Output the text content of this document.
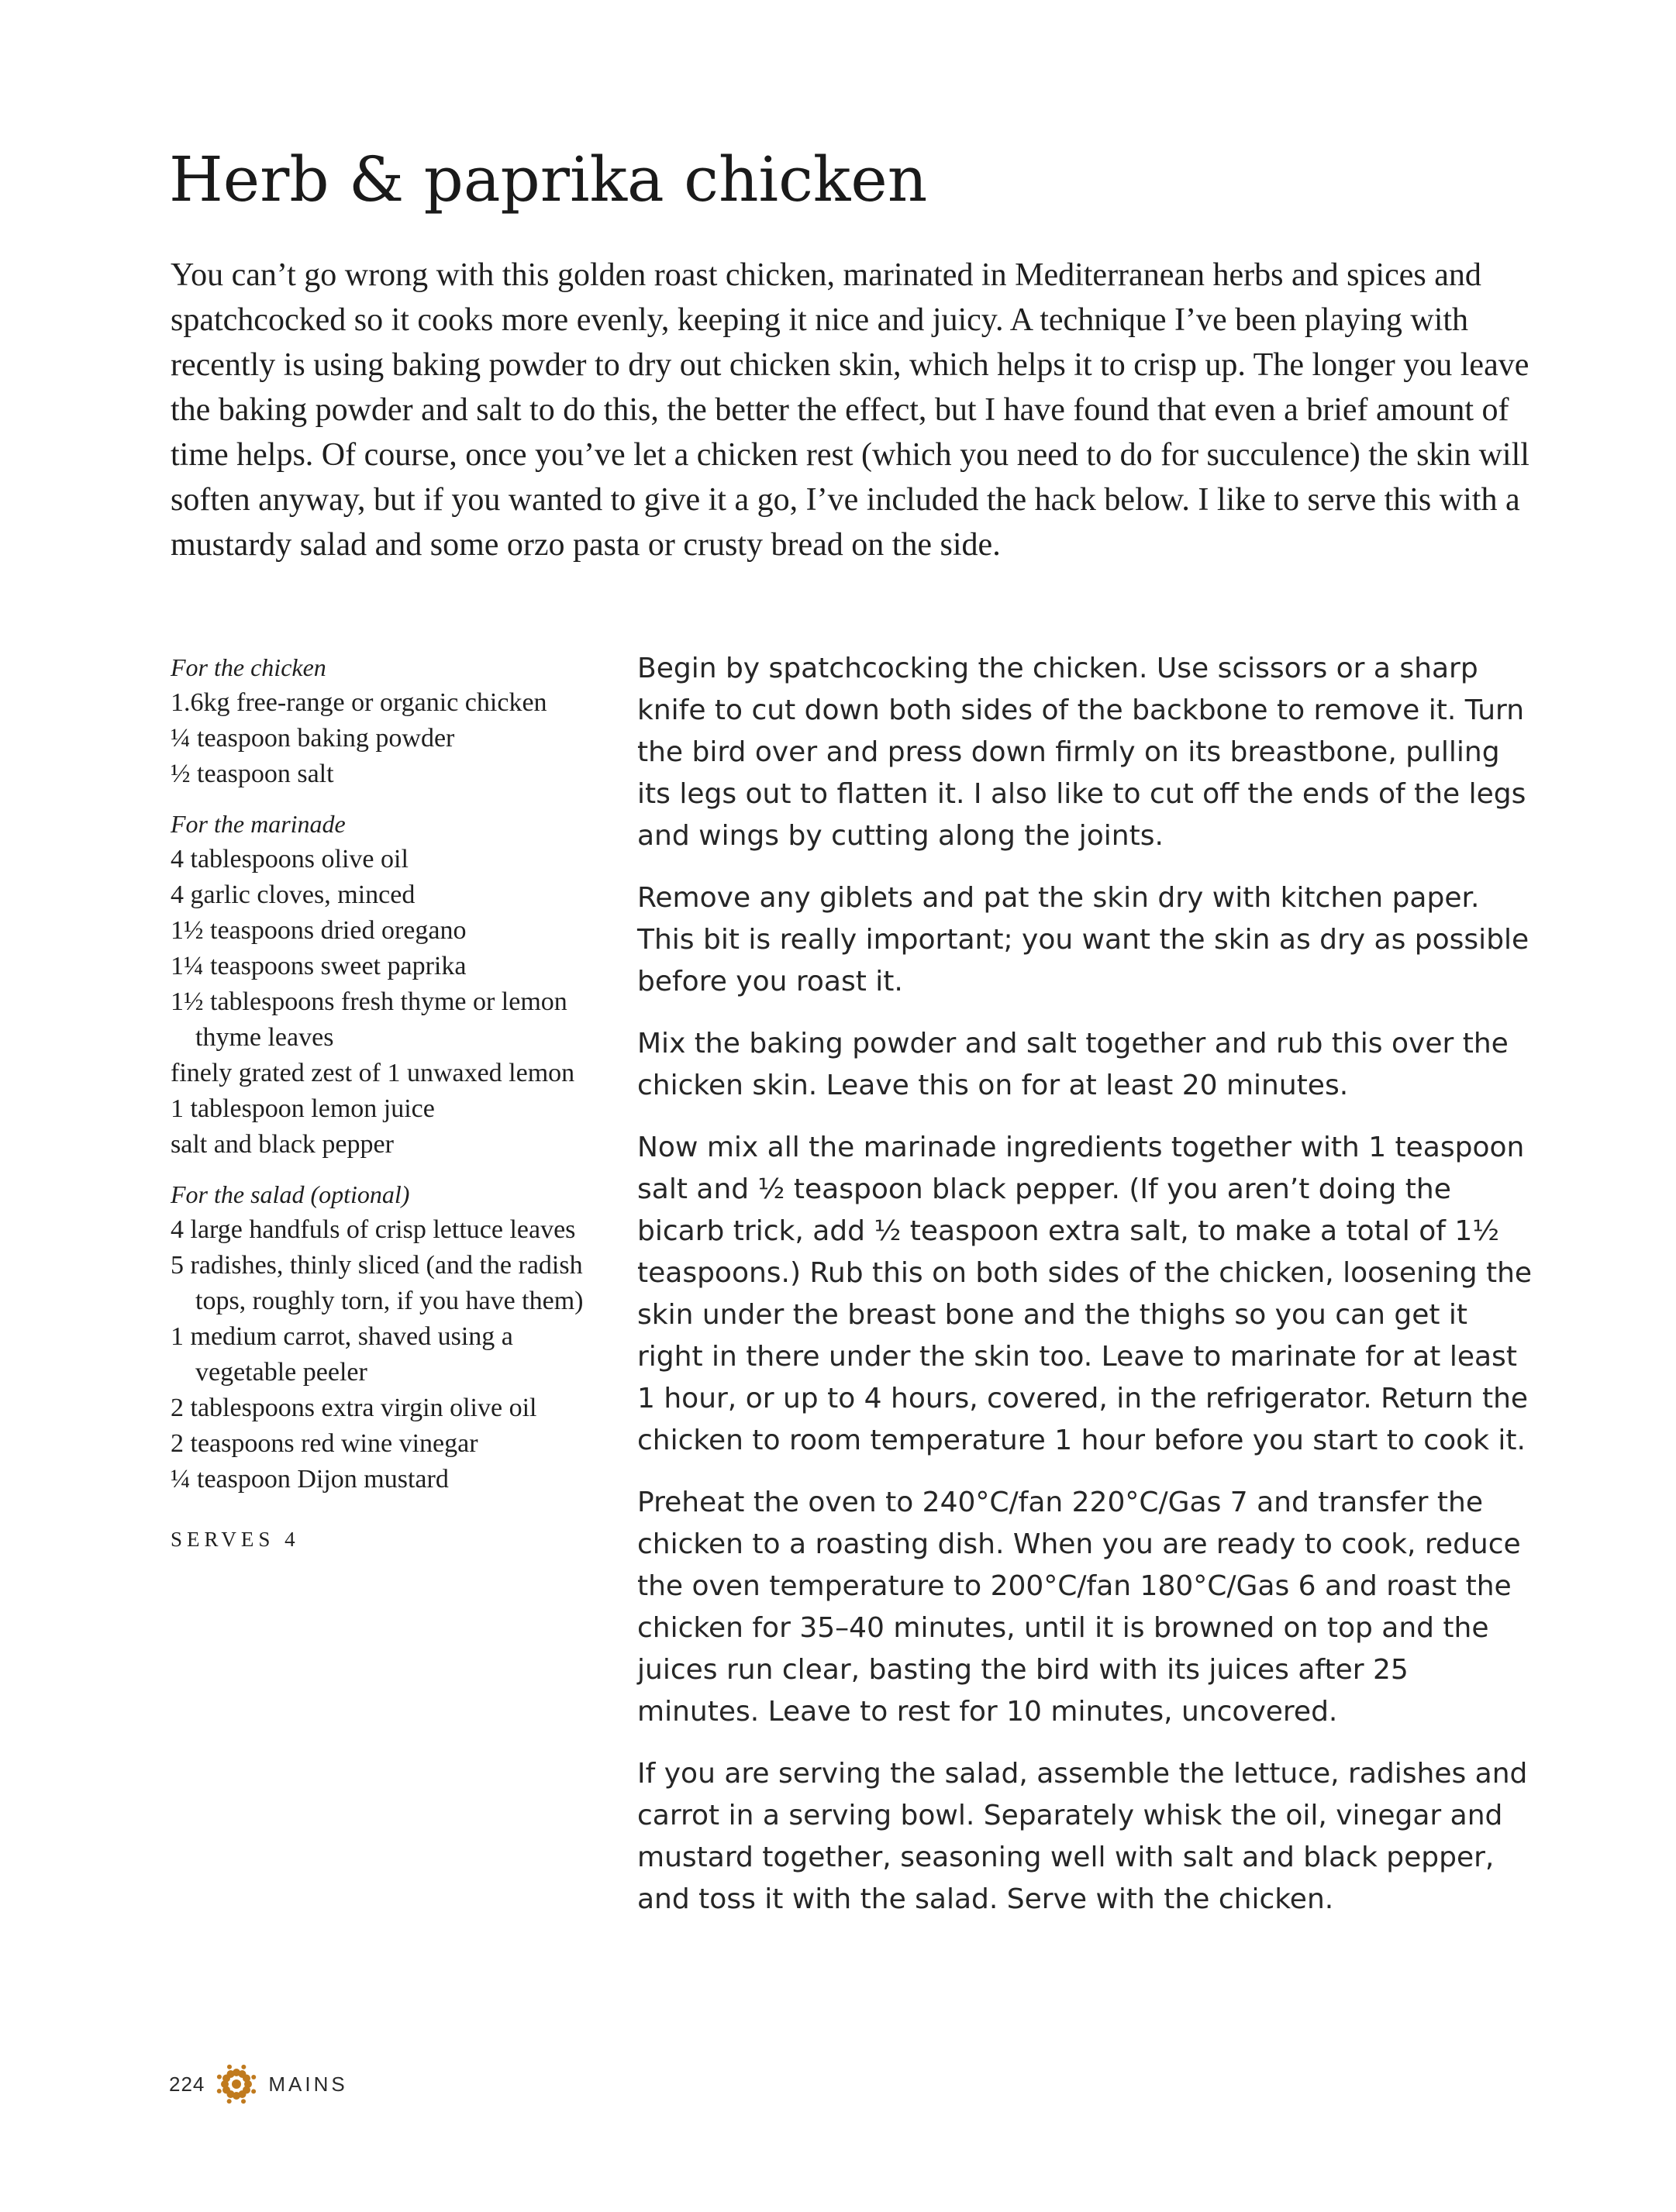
Herb & paprika chicken

You can’t go wrong with this golden roast chicken, marinated in Mediterranean herbs and spices and spatchcocked so it cooks more evenly, keeping it nice and juicy. A technique I’ve been playing with recently is using baking powder to dry out chicken skin, which helps it to crisp up. The longer you leave the baking powder and salt to do this, the better the effect, but I have found that even a brief amount of time helps. Of course, once you’ve let a chicken rest (which you need to do for succulence) the skin will soften anyway, but if you wanted to give it a go, I’ve included the hack below. I like to serve this with a mustardy salad and some orzo pasta or crusty bread on the side.

For the chicken
1.6kg free-range or organic chicken
¼ teaspoon baking powder
½ teaspoon salt
For the marinade
4 tablespoons olive oil
4 garlic cloves, minced
1½ teaspoons dried oregano
1¼ teaspoons sweet paprika
1½ tablespoons fresh thyme or lemon thyme leaves
finely grated zest of 1 unwaxed lemon
1 tablespoon lemon juice
salt and black pepper
For the salad (optional)
4 large handfuls of crisp lettuce leaves
5 radishes, thinly sliced (and the radish tops, roughly torn, if you have them)
1 medium carrot, shaved using a vegetable peeler
2 tablespoons extra virgin olive oil
2 teaspoons red wine vinegar
¼ teaspoon Dijon mustard
SERVES 4

Begin by spatchcocking the chicken. Use scissors or a sharp knife to cut down both sides of the backbone to remove it. Turn the bird over and press down firmly on its breastbone, pulling its legs out to flatten it. I also like to cut off the ends of the legs and wings by cutting along the joints.

Remove any giblets and pat the skin dry with kitchen paper. This bit is really important; you want the skin as dry as possible before you roast it.

Mix the baking powder and salt together and rub this over the chicken skin. Leave this on for at least 20 minutes.

Now mix all the marinade ingredients together with 1 teaspoon salt and ½ teaspoon black pepper. (If you aren’t doing the bicarb trick, add ½ teaspoon extra salt, to make a total of 1½ teaspoons.) Rub this on both sides of the chicken, loosening the skin under the breast bone and the thighs so you can get it right in there under the skin too. Leave to marinate for at least 1 hour, or up to 4 hours, covered, in the refrigerator. Return the chicken to room temperature 1 hour before you start to cook it.

Preheat the oven to 240°C/fan 220°C/Gas 7 and transfer the chicken to a roasting dish. When you are ready to cook, reduce the oven temperature to 200°C/fan 180°C/Gas 6 and roast the chicken for 35–40 minutes, until it is browned on top and the juices run clear, basting the bird with its juices after 25 minutes. Leave to rest for 10 minutes, uncovered.

If you are serving the salad, assemble the lettuce, radishes and carrot in a serving bowl. Separately whisk the oil, vinegar and mustard together, seasoning well with salt and black pepper, and toss it with the salad. Serve with the chicken.

224	MAINS
